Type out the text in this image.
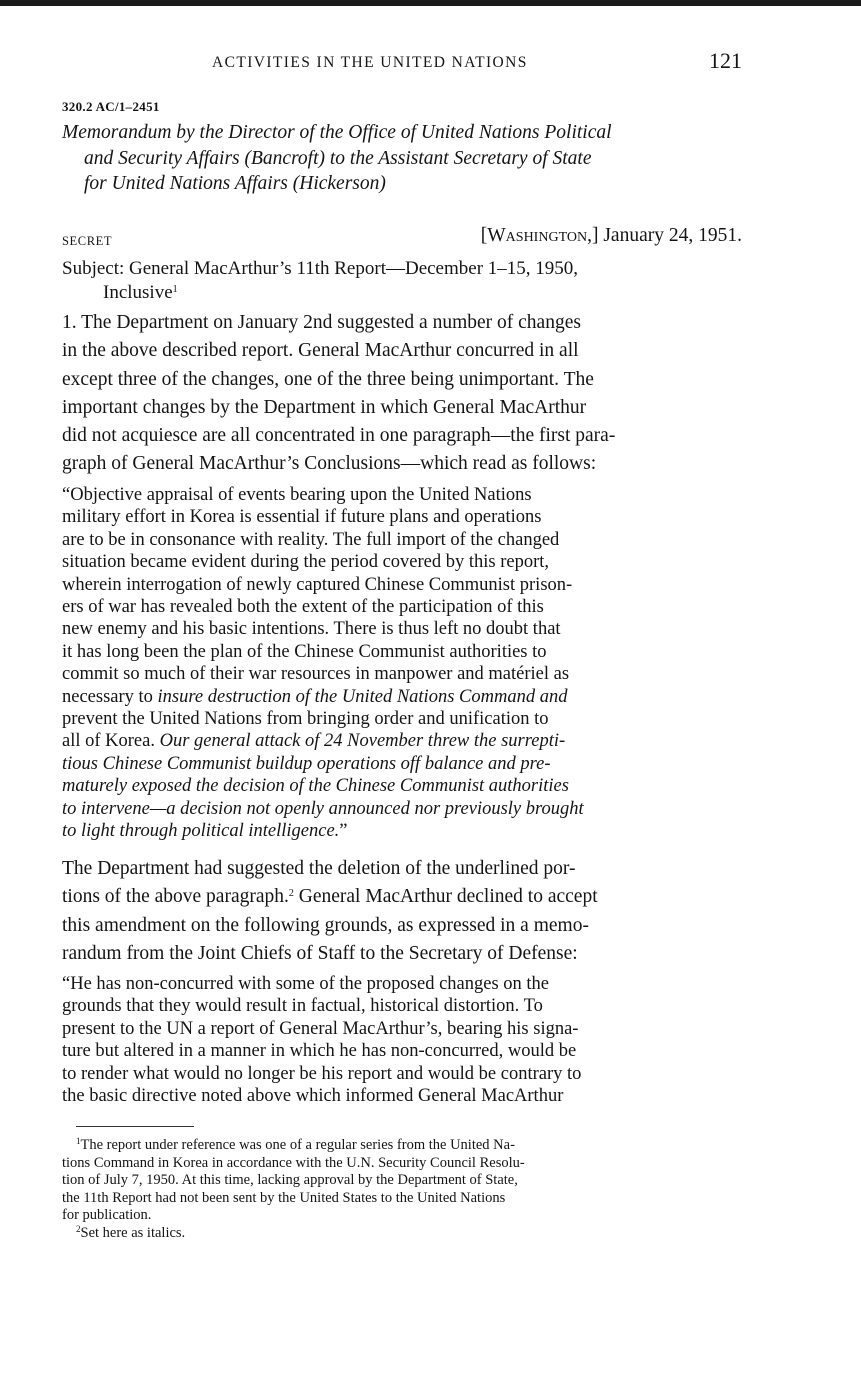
ACTIVITIES IN THE UNITED NATIONS	121
320.2 AC/1–2451
Memorandum by the Director of the Office of United Nations Political
and Security Affairs (Bancroft) to the Assistant Secretary of State
for United Nations Affairs (Hickerson)
SECRET	[Washington,] January 24, 1951.
Subject: General MacArthur’s 11th Report—December 1–15, 1950,
Inclusive$^1$
1. The Department on January 2nd suggested a number of changes
in the above described report. General MacArthur concurred in all
except three of the changes, one of the three being unimportant. The
important changes by the Department in which General MacArthur
did not acquiesce are all concentrated in one paragraph—the first para-
graph of General MacArthur’s Conclusions—which read as follows:
“Objective appraisal of events bearing upon the United Nations
military effort in Korea is essential if future plans and operations
are to be in consonance with reality. The full import of the changed
situation became evident during the period covered by this report,
wherein interrogation of newly captured Chinese Communist prison-
ers of war has revealed both the extent of the participation of this
new enemy and his basic intentions. There is thus left no doubt that
it has long been the plan of the Chinese Communist authorities to
commit so much of their war resources in manpower and matériel as
necessary to insure destruction of the United Nations Command and
prevent the United Nations from bringing order and unification to
all of Korea. Our general attack of 24 November threw the surrepti-
tious Chinese Communist buildup operations off balance and pre-
maturely exposed the decision of the Chinese Communist authorities
to intervene—a decision not openly announced nor previously brought
to light through political intelligence.”
The Department had suggested the deletion of the underlined por-
tions of the above paragraph.$^2$ General MacArthur declined to accept
this amendment on the following grounds, as expressed in a memo-
randum from the Joint Chiefs of Staff to the Secretary of Defense:
“He has non-concurred with some of the proposed changes on the
grounds that they would result in factual, historical distortion. To
present to the UN a report of General MacArthur’s, bearing his signa-
ture but altered in a manner in which he has non-concurred, would be
to render what would no longer be his report and would be contrary to
the basic directive noted above which informed General MacArthur
$^1$The report under reference was one of a regular series from the United Na-
tions Command in Korea in accordance with the U.N. Security Council Resolu-
tion of July 7, 1950. At this time, lacking approval by the Department of State,
the 11th Report had not been sent by the United States to the United Nations
for publication.
$^2$Set here as italics.
